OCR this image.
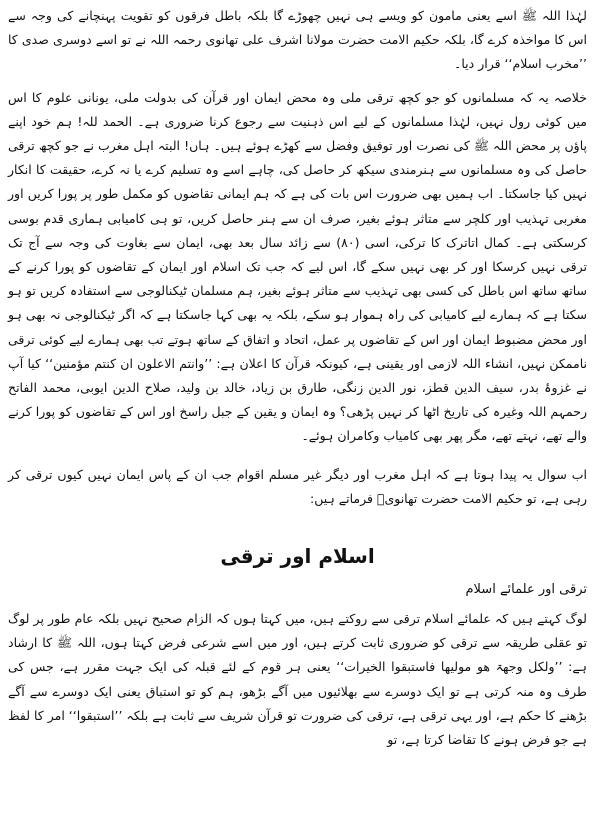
لہٰذا اللہ ﷺ اسے یعنی مامون کو ویسے ہی نہیں چھوڑے گا بلکہ باطل فرقوں کو تقویت پہنچانے کی وجہ سے اس کا مواخذہ کرے گا، بلکہ حکیم الامت حضرت مولانا اشرف علی تھانوی رحمہ اللہ نے تو اسے دوسری صدی کا ’’مخرب اسلام‘‘ قرار دیا۔

خلاصہ یہ کہ مسلمانوں کو جو کچھ ترقی ملی وہ محض ایمان اور قرآن کی بدولت ملی، یونانی علوم کا اس میں کوئی رول نہیں، لہٰذا مسلمانوں کے لیے اس ذہنیت سے رجوع کرنا ضروری ہے۔ الحمد للہ! ہم خود اپنے پاؤں پر محض اللہ ﷺ کی نصرت اور توفیق وفضل سے کھڑے ہوئے ہیں۔ ہاں! البتہ اہل مغرب نے جو کچھ ترقی حاصل کی وہ مسلمانوں سے ہنرمندی سیکھ کر حاصل کی، چاہے اسے وہ تسلیم کرے یا نہ کرے، حقیقت کا انکار نہیں کیا جاسکتا۔ اب ہمیں بھی ضرورت اس بات کی ہے کہ ہم ایمانی تقاضوں کو مکمل طور پر پورا کریں اور مغربی تہذیب اور کلچر سے متاثر ہوئے بغیر، صرف ان سے ہنر حاصل کریں، تو ہی کامیابی ہماری قدم بوسی کرسکتی ہے۔ کمال اتاترک کا ترکی، اسی (۸۰) سے زائد سال بعد بھی، ایمان سے بغاوت کی وجہ سے آج تک ترقی نہیں کرسکا اور کر بھی نہیں سکے گا، اس لیے کہ جب تک اسلام اور ایمان کے تقاضوں کو پورا کرنے کے ساتھ ساتھ اس باطل کی کسی بھی تہذیب سے متاثر ہوئے بغیر، ہم مسلمان ٹیکنالوجی سے استفادہ کریں تو ہو سکتا ہے کہ ہمارے لیے کامیابی کی راہ ہموار ہو سکے، بلکہ یہ بھی کہا جاسکتا ہے کہ اگر ٹیکنالوجی نہ بھی ہو اور محض مضبوط ایمان اور اس کے تقاضوں پر عمل، اتحاد و اتفاق کے ساتھ ہوتے تب بھی ہمارے لیے کوئی ترقی ناممکن نہیں، انشاء اللہ لازمی اور یقینی ہے، کیونکہ قرآن کا اعلان ہے: ’’وانتم الاعلون ان کنتم مؤمنین‘‘ کیا آپ نے غزوۂ بدر، سیف الدین قطز، نور الدین زنگی، طارق بن زیاد، خالد بن ولید، صلاح الدین ایوبی، محمد الفاتح رحمہم اللہ وغیرہ کی تاریخ اٹھا کر نہیں پڑھی؟ وہ ایمان و یقین کے جبل راسخ اور اس کے تقاضوں کو پورا کرنے والے تھے، نہتے تھے، مگر پھر بھی کامیاب وکامران ہوئے۔

اب سوال یہ پیدا ہوتا ہے کہ اہل مغرب اور دیگر غیر مسلم اقوام جب ان کے پاس ایمان نہیں کیوں ترقی کر رہی ہے، تو حکیم الامت حضرت تھانویؒ فرماتے ہیں:

اسلام اور ترقی
ترقی اور علمائے اسلام

لوگ کہتے ہیں کہ علمائے اسلام ترقی سے روکتے ہیں، میں کہتا ہوں کہ الزام صحیح نہیں بلکہ عام طور پر لوگ تو عقلی طریقہ سے ترقی کو ضروری ثابت کرتے ہیں، اور میں اسے شرعی فرض کہتا ہوں، اللہ ﷺ کا ارشاد ہے: ’’ولکل وجھۃ ھو مولیھا فاستبقوا الخیرات‘‘ یعنی ہر قوم کے لئے قبلہ کی ایک جہت مقرر ہے، جس کی طرف وہ منہ کرتی ہے تو ایک دوسرے سے بھلائیوں میں آگے بڑھو، ہم کو تو استباق یعنی ایک دوسرے سے آگے بڑھنے کا حکم ہے، اور یہی ترقی ہے، ترقی کی ضرورت تو قرآن شریف سے ثابت ہے بلکہ ’’استبقوا‘‘ امر کا لفظ ہے جو فرض ہونے کا تقاضا کرتا ہے، تو
